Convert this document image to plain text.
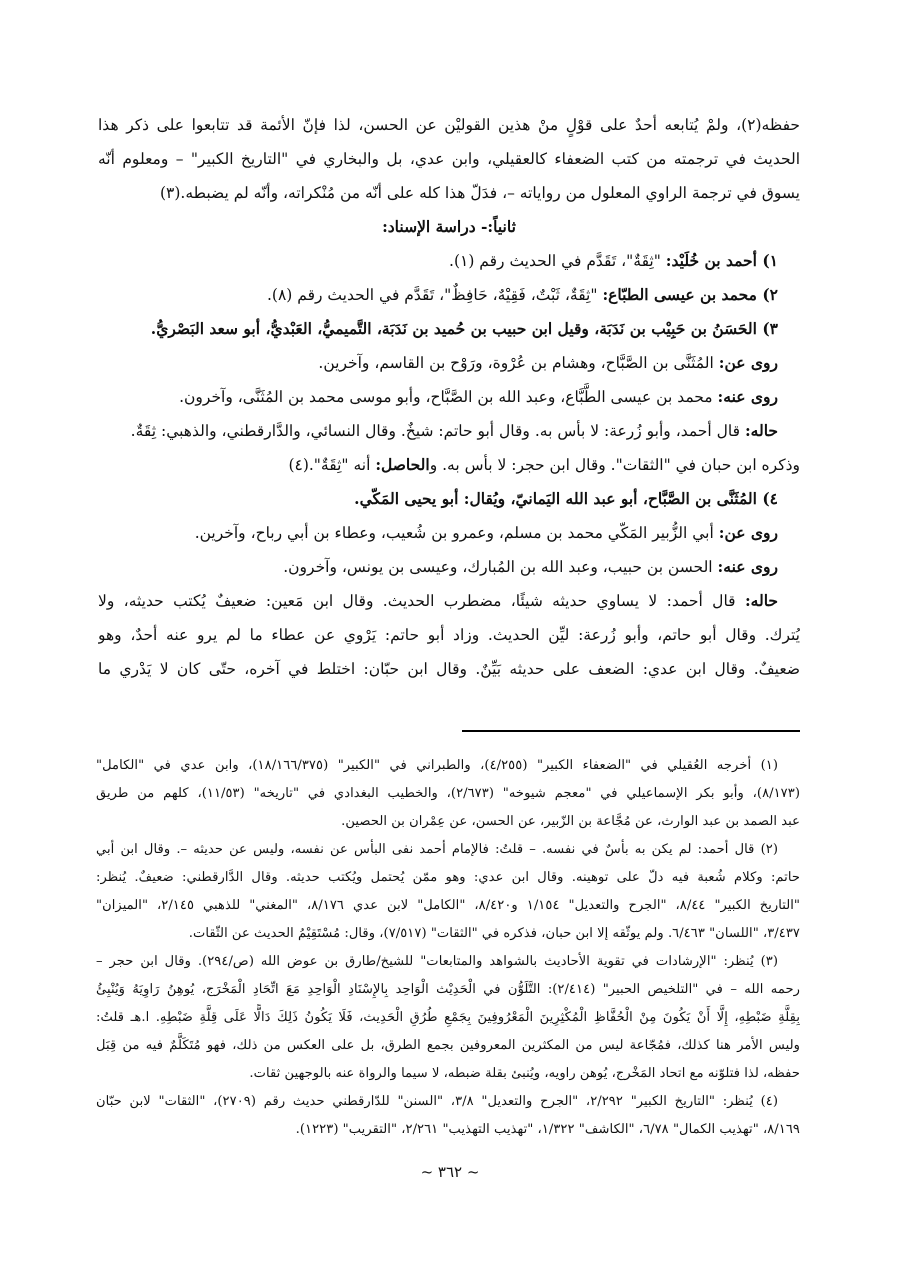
حفظه(٢)، ولمْ يُتابعه أحدٌ على قوْلٍ منْ هذين القوليْن عن الحسن، لذا فإنّ الأئمة قد تتابعوا على ذكر هذا
الحديث في ترجمته من كتب الضعفاء كالعقيلي، وابن عدي، بل والبخاري في "التاريخ الكبير" – ومعلوم أنّه
يسوق في ترجمة الراوي المعلول من رواياته –، فدَلّ هذا كله على أنّه من مُنْكراته، وأنّه لم يضبطه.(٣)
ثانياً:- دراسة الإسناد:
١) أحمد بن خُلَيْد: "ثِقَةٌ"، تَقَدَّم في الحديث رقم (١).
٢) محمد بن عيسى الطبّاع: "ثِقَةٌ، ثَبْتٌ، فَقِيْهٌ، حَافِظٌ"، تَقَدَّم في الحديث رقم (٨).
٣) الحَسَنُ بن حَبِيْب بن نَدَبَة، وقيل ابن حبيب بن حُميد بن نَدَبَة، التَّميميُّ، العَبْديُّ، أبو سعد البَصْريُّ.
روى عن: المُثَنَّى بن الصَّبَّاح، وهشام بن عُرْوة، ورَوْح بن القاسم، وآخرين.
روى عنه: محمد بن عيسى الطَّبَّاع، وعبد الله بن الصَّبَّاح، وأبو موسى محمد بن المُثَنَّى، وآخرون.
حاله: قال أحمد، وأبو زُرعة: لا بأس به. وقال أبو حاتم: شيخٌ. وقال النسائي، والدَّارقطني، والذهبي: ثِقَةٌ.
وذكره ابن حبان في "الثقات". وقال ابن حجر: لا بأس به. والحاصل: أنه "ثِقَةٌ".(٤)
٤) المُثَنَّى بن الصَّبَّاح، أبو عبد الله اليَمانيّ، ويُقال: أبو يحيى المَكّي.
روى عن: أبي الزُّبير المَكّي محمد بن مسلم، وعمرو بن شُعيب، وعطاء بن أبي رباح، وآخرين.
روى عنه: الحسن بن حبيب، وعبد الله بن المُبارك، وعيسى بن يونس، وآخرون.
حاله: قال أحمد: لا يساوي حديثه شيئًا، مضطرب الحديث. وقال ابن مَعين: ضعيفٌ يُكتب حديثه، ولا
يُترك. وقال أبو حاتم، وأبو زُرعة: ليِّن الحديث. وزاد أبو حاتم: يَرْوي عن عطاء ما لم يرو عنه أحدٌ، وهو
ضعيفٌ. وقال ابن عدي: الضعف على حديثه بَيِّنٌ. وقال ابن حبّان: اختلط في آخره، حتّى كان لا يَدْري ما
(١) أخرجه العُقيلي في "الضعفاء الكبير" (٤/٢٥٥)، والطبراني في "الكبير" (١٨/١٦٦/٣٧٥)، وابن عدي في "الكامل"
(٨/١٧٣)، وأبو بكر الإسماعيلي في "معجم شيوخه" (٢/٦٧٣)، والخطيب البغدادي في "تاريخه" (١١/٥٣)، كلهم من طريق
عبد الصمد بن عبد الوارث، عن مُجَّاعة بن الزّبير، عن الحسن، عن عِمْران بن الحصين.
(٢) قال أحمد: لم يكن به بأسٌ في نفسه. – قلتُ: فالإمام أحمد نفى البأس عن نفسه، وليس عن حديثه –. وقال ابن أبي
حاتم: وكلام شُعبة فيه دلّ على توهينه. وقال ابن عدي: وهو ممّن يُحتمل ويُكتب حديثه. وقال الدَّارقطني: ضعيفٌ. يُنظر:
"التاريخ الكبير" ٨/٤٤، "الجرح والتعديل" ١/١٥٤ و٨/٤٢٠، "الكامل" لابن عدي ٨/١٧٦، "المغني" للذهبي ٢/١٤٥، "الميزان"
٣/٤٣٧، "اللسان" ٦/٤٦٣. ولم يوثّقه إلا ابن حبان، فذكره في "الثقات" (٧/٥١٧)، وقال: مُسْتَقِيْمُ الحديث عن الثّقات.
(٣) يُنظر: "الإرشادات في تقوية الأحاديث بالشواهد والمتابعات" للشيخ/طارق بن عوض الله (ص/٢٩٤). وقال ابن حجر –
رحمه الله – في "التلخيص الحبير" (٢/٤١٤): التَّلَوُّن في الْحَدِيْث الْوَاحِد بِالإِسْنَادِ الْوَاحِدِ مَعَ اتِّحَادِ الْمَخْرَج، يُوهِنُ رَاوِيَهُ وَيُنْبِئُ
بِقِلَّةِ ضَبْطِهِ، إِلَّا أَنْ يَكُونَ مِنْ الْحُفَّاظِ الْمُكْثِرِينَ الْمَعْرُوفِينَ بِجَمْعِ طُرُقِ الْحَدِيث، فَلَا يَكُونُ ذَلِكَ دَالًّا عَلَى قِلَّةِ ضَبْطِهِ. ا.هـ قلتُ:
وليس الأمر هنا كذلك، فمُجّاعة ليس من المكثرين المعروفين بجمع الطرق، بل على العكس من ذلك، فهو مُتَكَلَّمٌ فيه من قِبَل
حفظه، لذا فتلوّنه مع اتحاد المَخْرج، يُوهن راويه، ويُنبئ بقلة ضبطه، لا سيما والرواة عنه بالوجهين ثقات.
(٤) يُنظر: "التاريخ الكبير" ٢/٢٩٢، "الجرح والتعديل" ٣/٨، "السنن" للدّارقطني حديث رقم (٢٧٠٩)، "الثقات" لابن حبّان
٨/١٦٩، "تهذيب الكمال" ٦/٧٨، "الكاشف" ١/٣٢٢، "تهذيب التهذيب" ٢/٢٦١، "التقريب" (١٢٢٣).
~ ٣٦٢ ~
